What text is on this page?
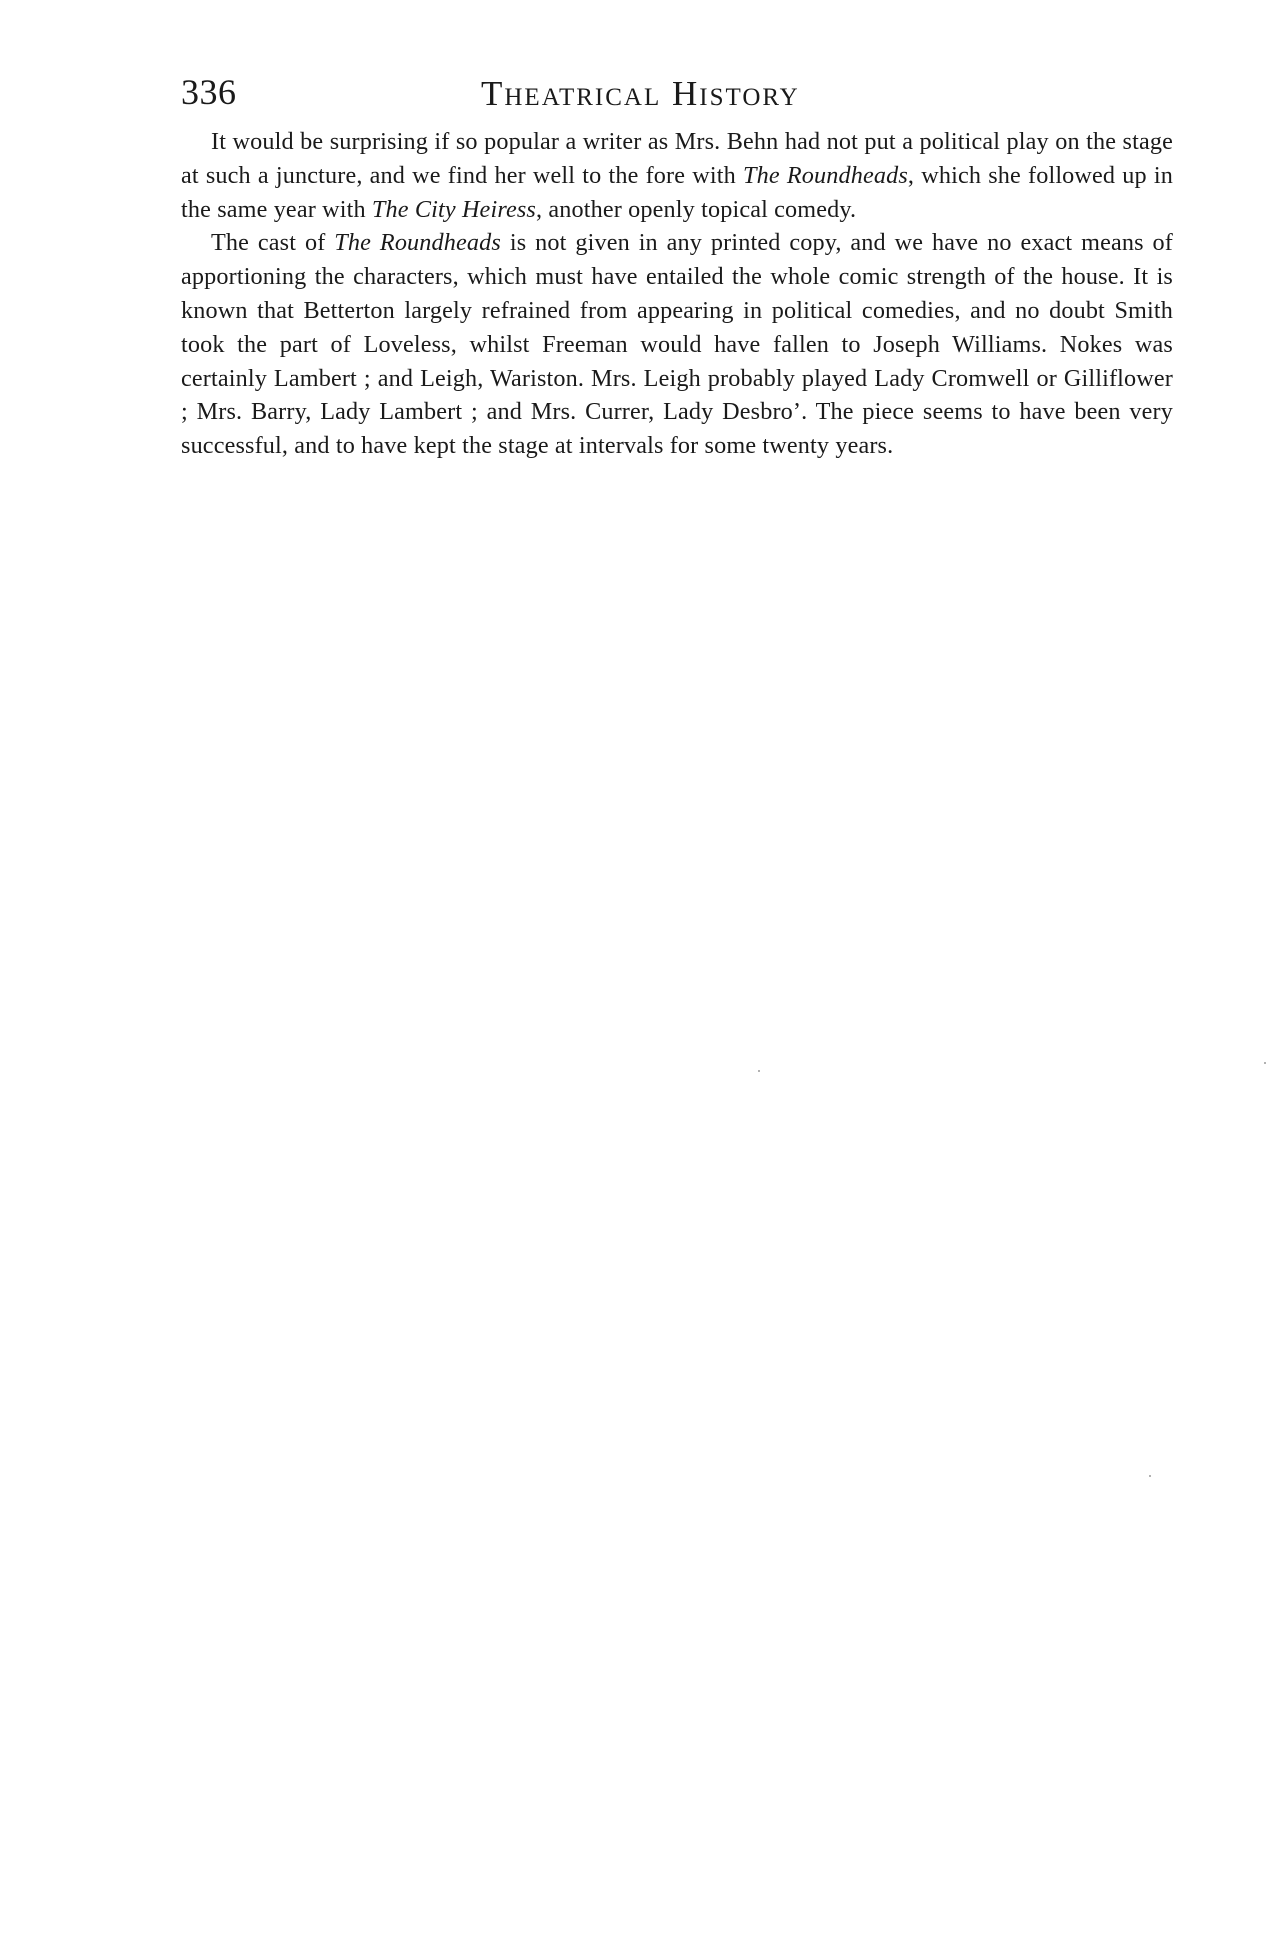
336	Theatrical History

It would be surprising if so popular a writer as Mrs. Behn had not put a political play on the stage at such a juncture, and we find her well to the fore with The Roundheads, which she followed up in the same year with The City Heiress, another openly topical comedy.

The cast of The Roundheads is not given in any printed copy, and we have no exact means of apportioning the characters, which must have entailed the whole comic strength of the house. It is known that Betterton largely refrained from appearing in political comedies, and no doubt Smith took the part of Loveless, whilst Freeman would have fallen to Joseph Williams. Nokes was certainly Lambert ; and Leigh, Wariston. Mrs. Leigh probably played Lady Cromwell or Gilliflower ; Mrs. Barry, Lady Lambert ; and Mrs. Currer, Lady Desbro’. The piece seems to have been very successful, and to have kept the stage at intervals for some twenty years.
